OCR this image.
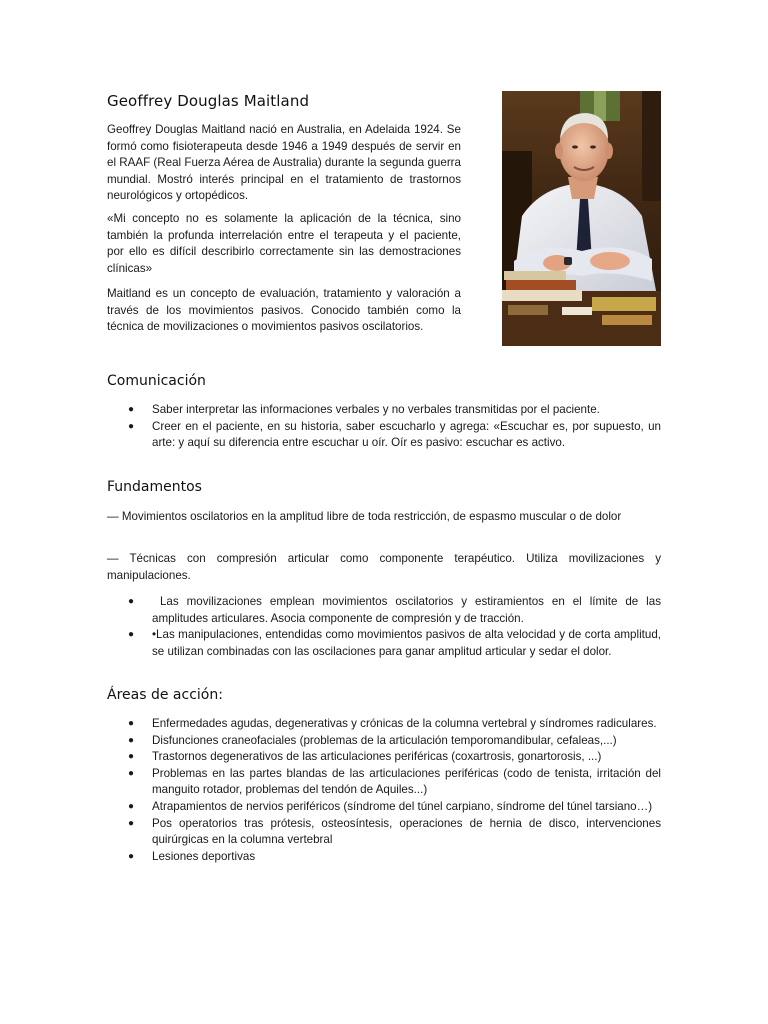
Geoffrey Douglas Maitland

Geoffrey Douglas Maitland nació en Australia, en Adelaida 1924. Se formó como fisioterapeuta desde 1946 a 1949 después de servir en el RAAF (Real Fuerza Aérea de Australia) durante la segunda guerra mundial. Mostró interés principal en el tratamiento de trastornos neurológicos y ortopédicos.

«Mi concepto no es solamente la aplicación de la técnica, sino también la profunda interrelación entre el terapeuta y el paciente, por ello es difícil describirlo correctamente sin las demostraciones clínicas»

Maitland es un concepto de evaluación, tratamiento y valoración a través de los movimientos pasivos. Conocido también como la técnica de movilizaciones o movimientos pasivos oscilatorios.

Comunicación
● Saber interpretar las informaciones verbales y no verbales transmitidas por el paciente.
● Creer en el paciente, en su historia, saber escucharlo y agrega: «Escuchar es, por supuesto, un arte: y aquí su diferencia entre escuchar u oír. Oír es pasivo: escuchar es activo.
Fundamentos

— Movimientos oscilatorios en la amplitud libre de toda restricción, de espasmo muscular o de dolor

— Técnicas con compresión articular como componente terapéutico. Utiliza movilizaciones y manipulaciones.

● Las movilizaciones emplean movimientos oscilatorios y estiramientos en el límite de las amplitudes articulares. Asocia componente de compresión y de tracción.
● •Las manipulaciones, entendidas como movimientos pasivos de alta velocidad y de corta amplitud, se utilizan combinadas con las oscilaciones para ganar amplitud articular y sedar el dolor.
Áreas de acción:
● Enfermedades agudas, degenerativas y crónicas de la columna vertebral y síndromes radiculares.
● Disfunciones craneofaciales (problemas de la articulación temporomandibular, cefaleas,...)
● Trastornos degenerativos de las articulaciones periféricas (coxartrosis, gonartorosis, ...)
● Problemas en las partes blandas de las articulaciones periféricas (codo de tenista, irritación del manguito rotador, problemas del tendón de Aquiles...)
● Atrapamientos de nervios periféricos (síndrome del túnel carpiano, síndrome del túnel tarsiano…)
● Pos operatorios tras prótesis, osteosíntesis, operaciones de hernia de disco, intervenciones quirúrgicas en la columna vertebral
● Lesiones deportivas
